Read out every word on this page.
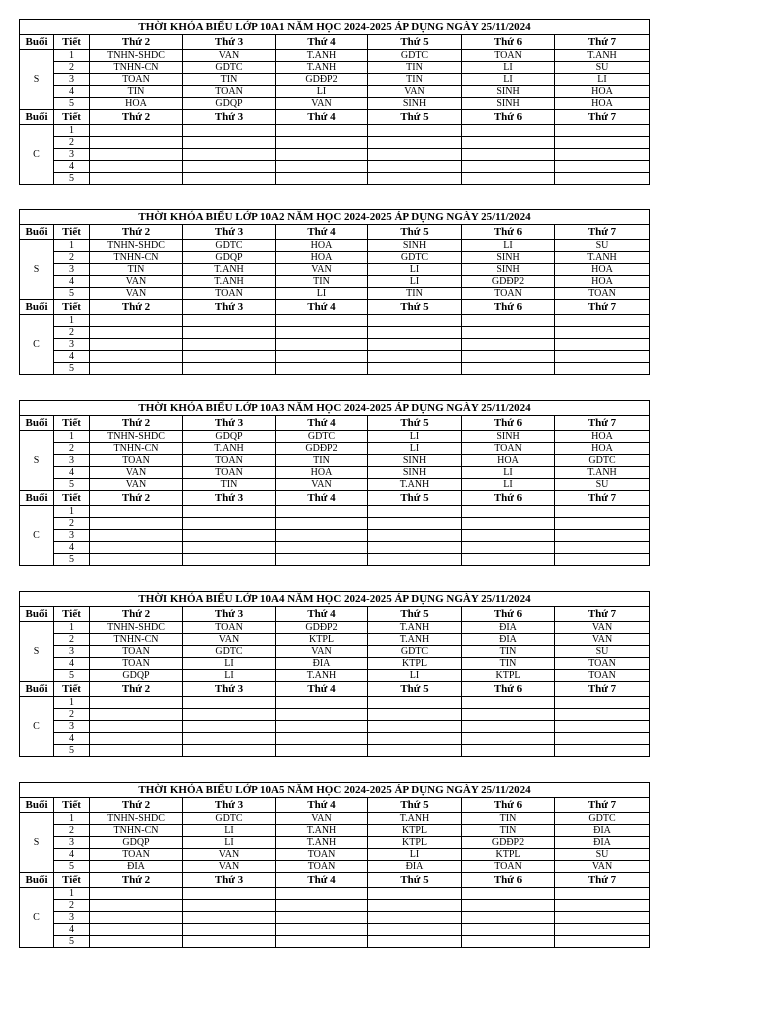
THỜI KHÓA BIỂU LỚP 10A1 NĂM HỌC 2024-2025 ÁP DỤNG NGÀY 25/11/2024							
Buổi	Tiết	Thứ 2	Thứ 3	Thứ 4	Thứ 5	Thứ 6	Thứ 7
S	1	TNHN-SHDC	VAN	T.ANH	GDTC	TOAN	T.ANH
	2	TNHN-CN	GDTC	T.ANH	TIN	LI	SU
	3	TOAN	TIN	GDĐP2	TIN	LI	LI
	4	TIN	TOAN	LI	VAN	SINH	HOA
	5	HOA	GDQP	VAN	SINH	SINH	HOA
Buổi	Tiết	Thứ 2	Thứ 3	Thứ 4	Thứ 5	Thứ 6	Thứ 7
C	1						
	2						
	3						
	4						
	5						
THỜI KHÓA BIỂU LỚP 10A2 NĂM HỌC 2024-2025 ÁP DỤNG NGÀY 25/11/2024							
Buổi	Tiết	Thứ 2	Thứ 3	Thứ 4	Thứ 5	Thứ 6	Thứ 7
S	1	TNHN-SHDC	GDTC	HOA	SINH	LI	SU
	2	TNHN-CN	GDQP	HOA	GDTC	SINH	T.ANH
	3	TIN	T.ANH	VAN	LI	SINH	HOA
	4	VAN	T.ANH	TIN	LI	GDĐP2	HOA
	5	VAN	TOAN	LI	TIN	TOAN	TOAN
Buổi	Tiết	Thứ 2	Thứ 3	Thứ 4	Thứ 5	Thứ 6	Thứ 7
C	1						
	2						
	3						
	4						
	5						
THỜI KHÓA BIỂU LỚP 10A3 NĂM HỌC 2024-2025 ÁP DỤNG NGÀY 25/11/2024							
Buổi	Tiết	Thứ 2	Thứ 3	Thứ 4	Thứ 5	Thứ 6	Thứ 7
S	1	TNHN-SHDC	GDQP	GDTC	LI	SINH	HOA
	2	TNHN-CN	T.ANH	GDĐP2	LI	TOAN	HOA
	3	TOAN	TOAN	TIN	SINH	HOA	GDTC
	4	VAN	TOAN	HOA	SINH	LI	T.ANH
	5	VAN	TIN	VAN	T.ANH	LI	SU
Buổi	Tiết	Thứ 2	Thứ 3	Thứ 4	Thứ 5	Thứ 6	Thứ 7
C	1						
	2						
	3						
	4						
	5						
THỜI KHÓA BIỂU LỚP 10A4 NĂM HỌC 2024-2025 ÁP DỤNG NGÀY 25/11/2024							
Buổi	Tiết	Thứ 2	Thứ 3	Thứ 4	Thứ 5	Thứ 6	Thứ 7
S	1	TNHN-SHDC	TOAN	GDĐP2	T.ANH	ĐIA	VAN
	2	TNHN-CN	VAN	KTPL	T.ANH	ĐIA	VAN
	3	TOAN	GDTC	VAN	GDTC	TIN	SU
	4	TOAN	LI	ĐIA	KTPL	TIN	TOAN
	5	GDQP	LI	T.ANH	LI	KTPL	TOAN
Buổi	Tiết	Thứ 2	Thứ 3	Thứ 4	Thứ 5	Thứ 6	Thứ 7
C	1						
	2						
	3						
	4						
	5						
THỜI KHÓA BIỂU LỚP 10A5 NĂM HỌC 2024-2025 ÁP DỤNG NGÀY 25/11/2024							
Buổi	Tiết	Thứ 2	Thứ 3	Thứ 4	Thứ 5	Thứ 6	Thứ 7
S	1	TNHN-SHDC	GDTC	VAN	T.ANH	TIN	GDTC
	2	TNHN-CN	LI	T.ANH	KTPL	TIN	ĐIA
	3	GDQP	LI	T.ANH	KTPL	GDĐP2	ĐIA
	4	TOAN	VAN	TOAN	LI	KTPL	SU
	5	ĐIA	VAN	TOAN	ĐIA	TOAN	VAN
Buổi	Tiết	Thứ 2	Thứ 3	Thứ 4	Thứ 5	Thứ 6	Thứ 7
C	1						
	2						
	3						
	4						
	5						
